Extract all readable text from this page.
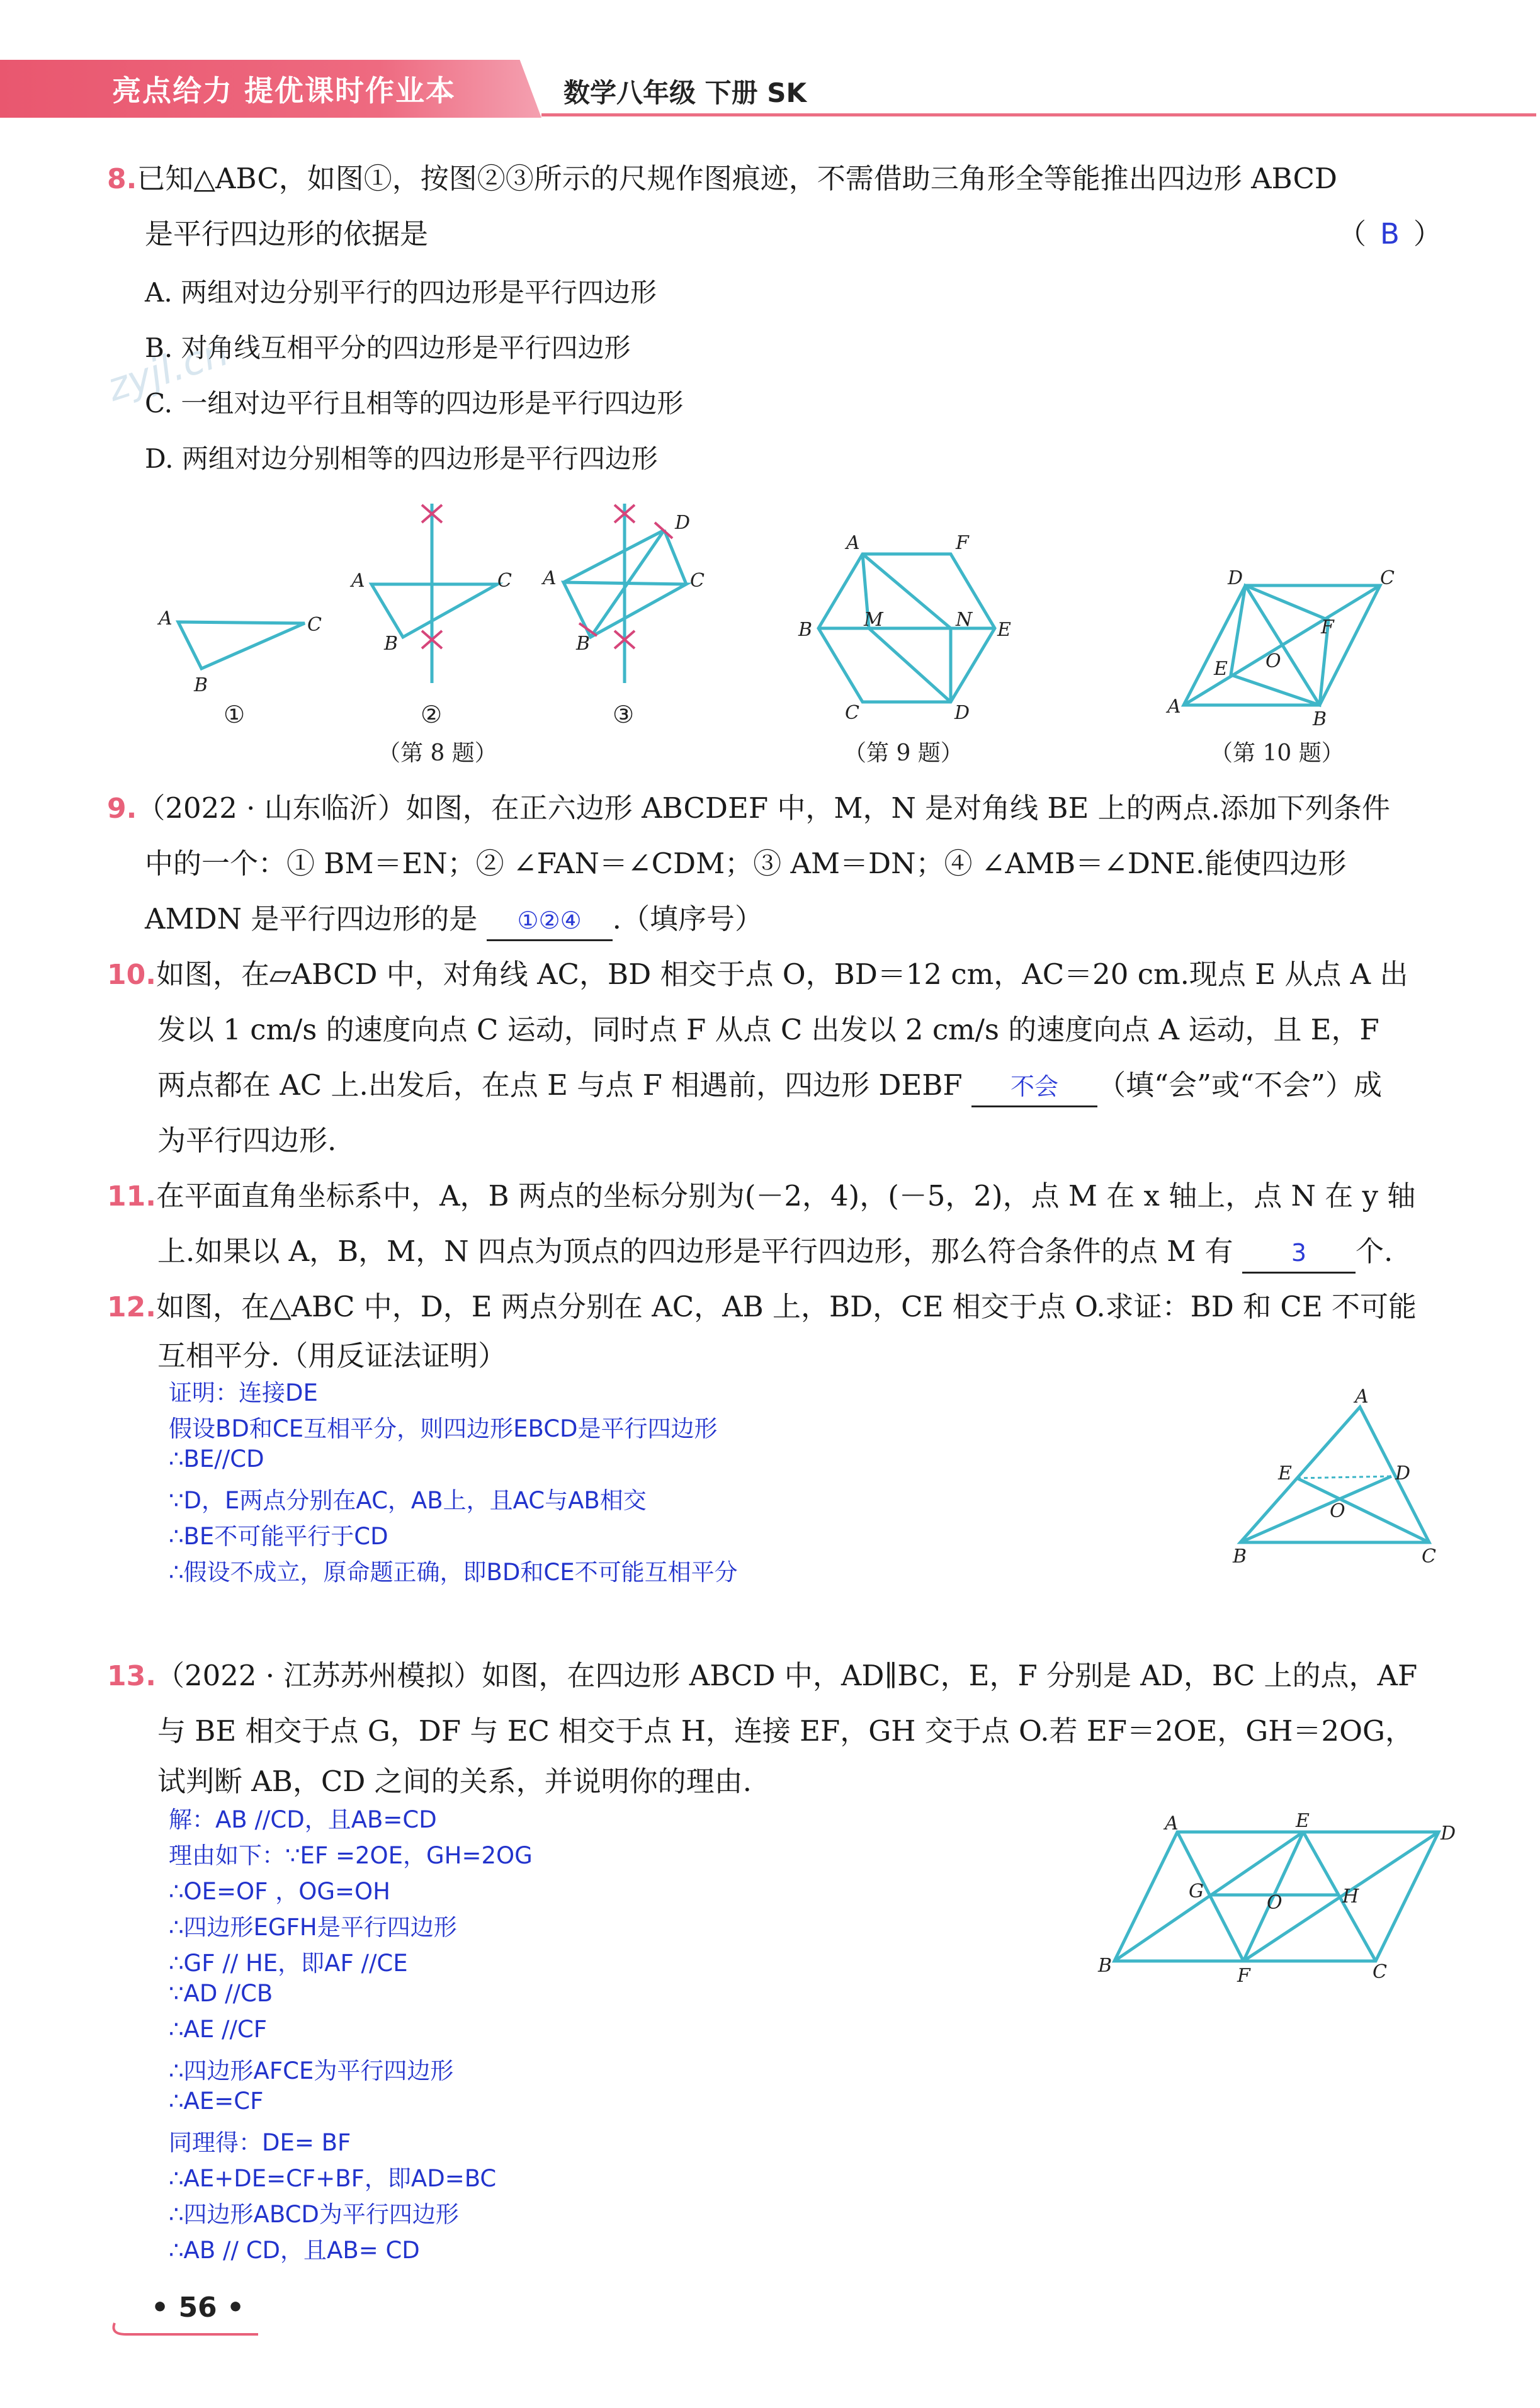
亮点给力 提优课时作业本	数学八年级 下册 SK
zyjl.cn
8.已知△ABC，如图①，按图②③所示的尺规作图痕迹，不需借助三角形全等能推出四边形 ABCD
是平行四边形的依据是	（ B ）
A. 两组对边分别平行的四边形是平行四边形
B. 对角线互相平分的四边形是平行四边形
C. 一组对边平行且相等的四边形是平行四边形
D. 两组对边分别相等的四边形是平行四边形
A	C
B
①
A	C
B
②
A	C
D
B
③
（第 8 题）
A	F
B	E
M	N
C	D
（第 9 题）
D	C
F
O
E
A
B
（第 10 题）
9.（2022 · 山东临沂）如图，在正六边形 ABCDEF 中，M，N 是对角线 BE 上的两点.添加下列条件
中的一个：① BM＝EN；② ∠FAN＝∠CDM；③ AM＝DN；④ ∠AMB＝∠DNE.能使四边形
AMDN 是平行四边形的是 ①②④ .（填序号）
10.如图，在▱ABCD 中，对角线 AC，BD 相交于点 O，BD＝12 cm，AC＝20 cm.现点 E 从点 A 出
发以 1 cm/s 的速度向点 C 运动，同时点 F 从点 C 出发以 2 cm/s 的速度向点 A 运动，且 E，F
两点都在 AC 上.出发后，在点 E 与点 F 相遇前，四边形 DEBF 不会 （填“会”或“不会”）成
为平行四边形.
11.在平面直角坐标系中，A，B 两点的坐标分别为(－2，4)，(－5，2)，点 M 在 x 轴上，点 N 在 y 轴
上.如果以 A，B，M，N 四点为顶点的四边形是平行四边形，那么符合条件的点 M 有 3 个.
12.如图，在△ABC 中，D，E 两点分别在 AC，AB 上，BD，CE 相交于点 O.求证：BD 和 CE 不可能
互相平分.（用反证法证明）
证明：连接DE
假设BD和CE互相平分，则四边形EBCD是平行四边形
∴BE//CD
∵D，E两点分别在AC，AB上，且AC与AB相交
∴BE不可能平行于CD
∴假设不成立，原命题正确，即BD和CE不可能互相平分
A
E	D
O
B	C
13.（2022 · 江苏苏州模拟）如图，在四边形 ABCD 中，AD∥BC，E，F 分别是 AD，BC 上的点，AF
与 BE 相交于点 G，DF 与 EC 相交于点 H，连接 EF，GH 交于点 O.若 EF＝2OE，GH＝2OG，
试判断 AB，CD 之间的关系，并说明你的理由.
解：AB //CD，且AB=CD
理由如下：∵EF =2OE，GH=2OG
∴OE=OF ，OG=OH
∴四边形EGFH是平行四边形
∴GF // HE，即AF //CE
∵AD //CB
∴AE //CF
∴四边形AFCE为平行四边形
∴AE=CF
同理得：DE= BF
∴AE+DE=CF+BF，即AD=BC
∴四边形ABCD为平行四边形
∴AB // CD，且AB= CD
A	E
D
G
O	H
B	F	C
• 56 •
